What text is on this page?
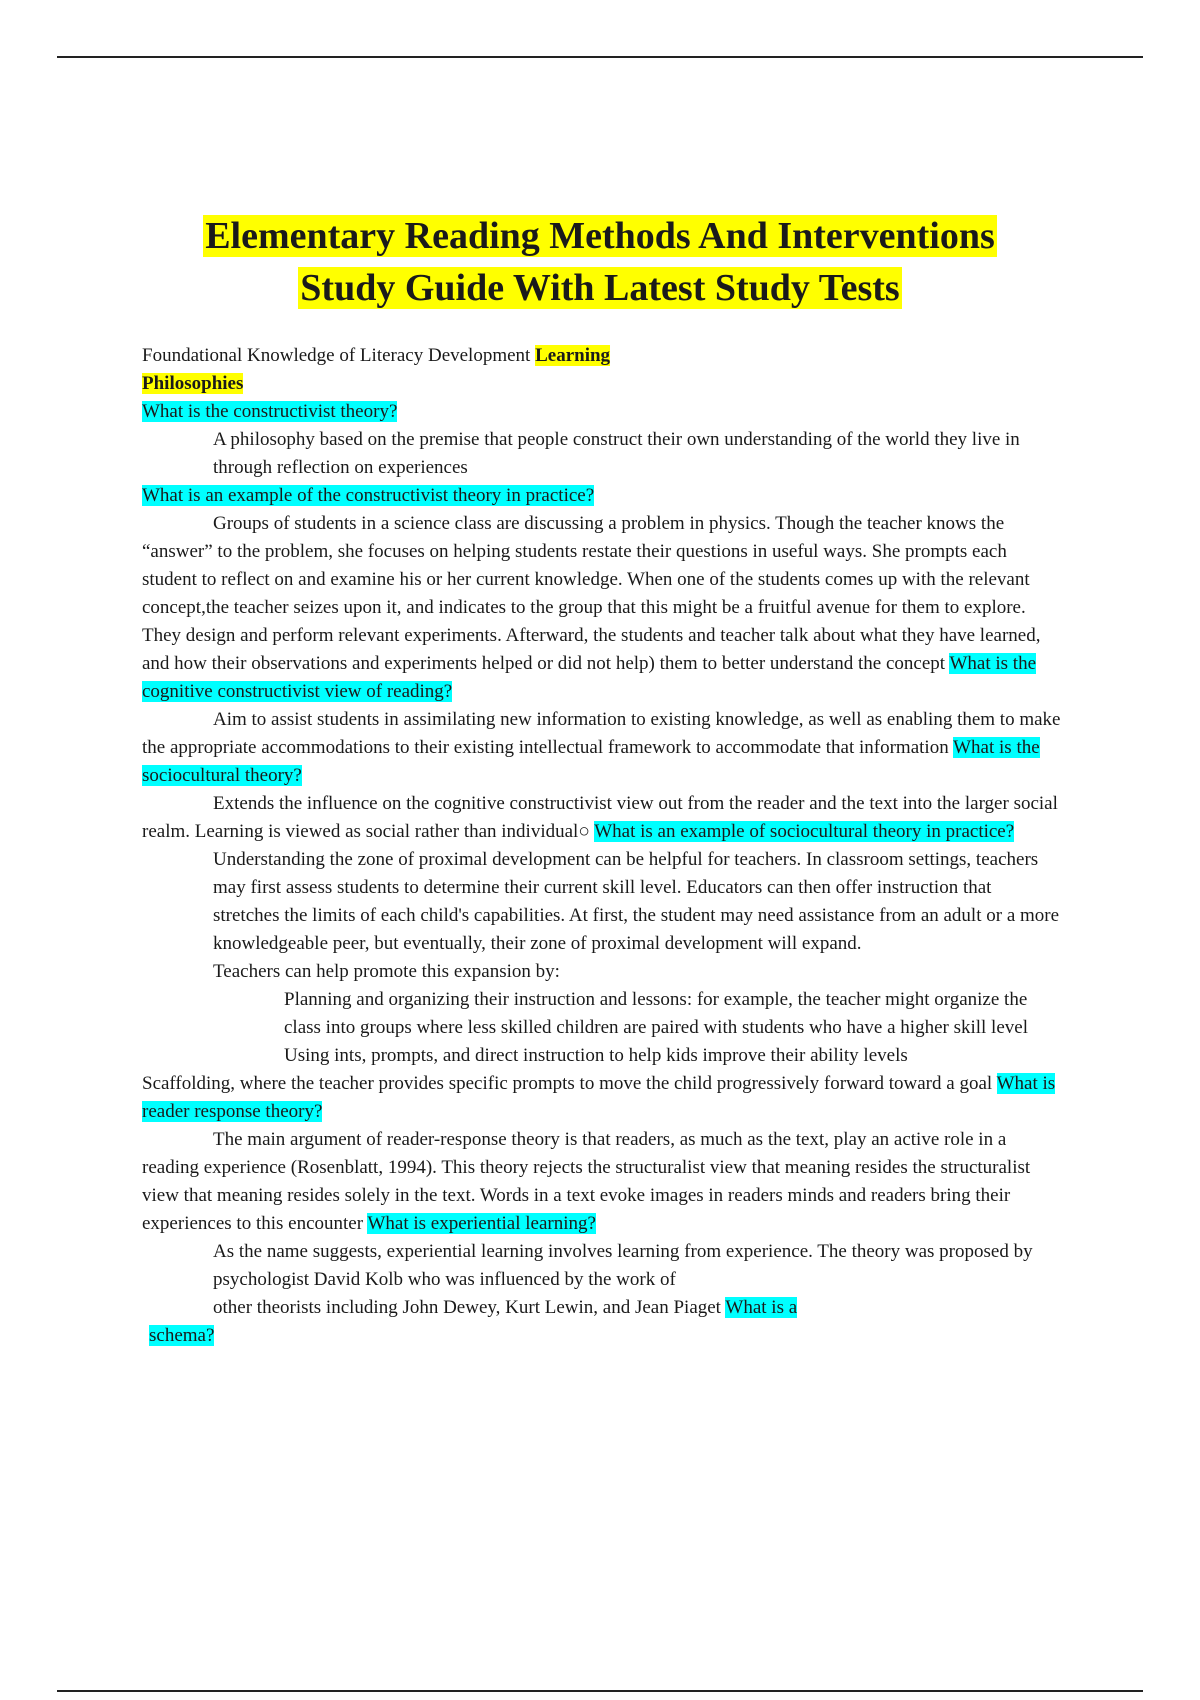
Elementary Reading Methods And Interventions
Study Guide With Latest Study Tests

Foundational Knowledge of Literacy Development Learning

Philosophies

What is the constructivist theory?

A philosophy based on the premise that people construct their own understanding of the world they live in through reflection on experiences

What is an example of the constructivist theory in practice?

Groups of students in a science class are discussing a problem in physics. Though the teacher knows the “answer” to the problem, she focuses on helping students restate their questions in useful ways. She prompts each student to reflect on and examine his or her current knowledge. When one of the students comes up with the relevant concept,the teacher seizes upon it, and indicates to the group that this might be a fruitful avenue for them to explore. They design and perform relevant experiments. Afterward, the students and teacher talk about what they have learned, and how their observations and experiments helped or did not help) them to better understand the concept What is the cognitive constructivist view of reading?

Aim to assist students in assimilating new information to existing knowledge, as well as enabling them to make the appropriate accommodations to their existing intellectual framework to accommodate that information What is the sociocultural theory?

Extends the influence on the cognitive constructivist view out from the reader and the text into the larger social realm. Learning is viewed as social rather than individual○ What is an example of sociocultural theory in practice?

Understanding the zone of proximal development can be helpful for teachers. In classroom settings, teachers may first assess students to determine their current skill level. Educators can then offer instruction that stretches the limits of each child's capabilities. At first, the student may need assistance from an adult or a more knowledgeable peer, but eventually, their zone of proximal development will expand.

Teachers can help promote this expansion by:

Planning and organizing their instruction and lessons: for example, the teacher might organize the class into groups where less skilled children are paired with students who have a higher skill level

Using ints, prompts, and direct instruction to help kids improve their ability levels

Scaffolding, where the teacher provides specific prompts to move the child progressively forward toward a goal What is reader response theory?

The main argument of reader-response theory is that readers, as much as the text, play an active role in a reading experience (Rosenblatt, 1994). This theory rejects the structuralist view that meaning resides the structuralist view that meaning resides solely in the text. Words in a text evoke images in readers minds and readers bring their experiences to this encounter What is experiential learning?

As the name suggests, experiential learning involves learning from experience. The theory was proposed by psychologist David Kolb who was influenced by the work of

other theorists including John Dewey, Kurt Lewin, and Jean Piaget What is a

schema?
